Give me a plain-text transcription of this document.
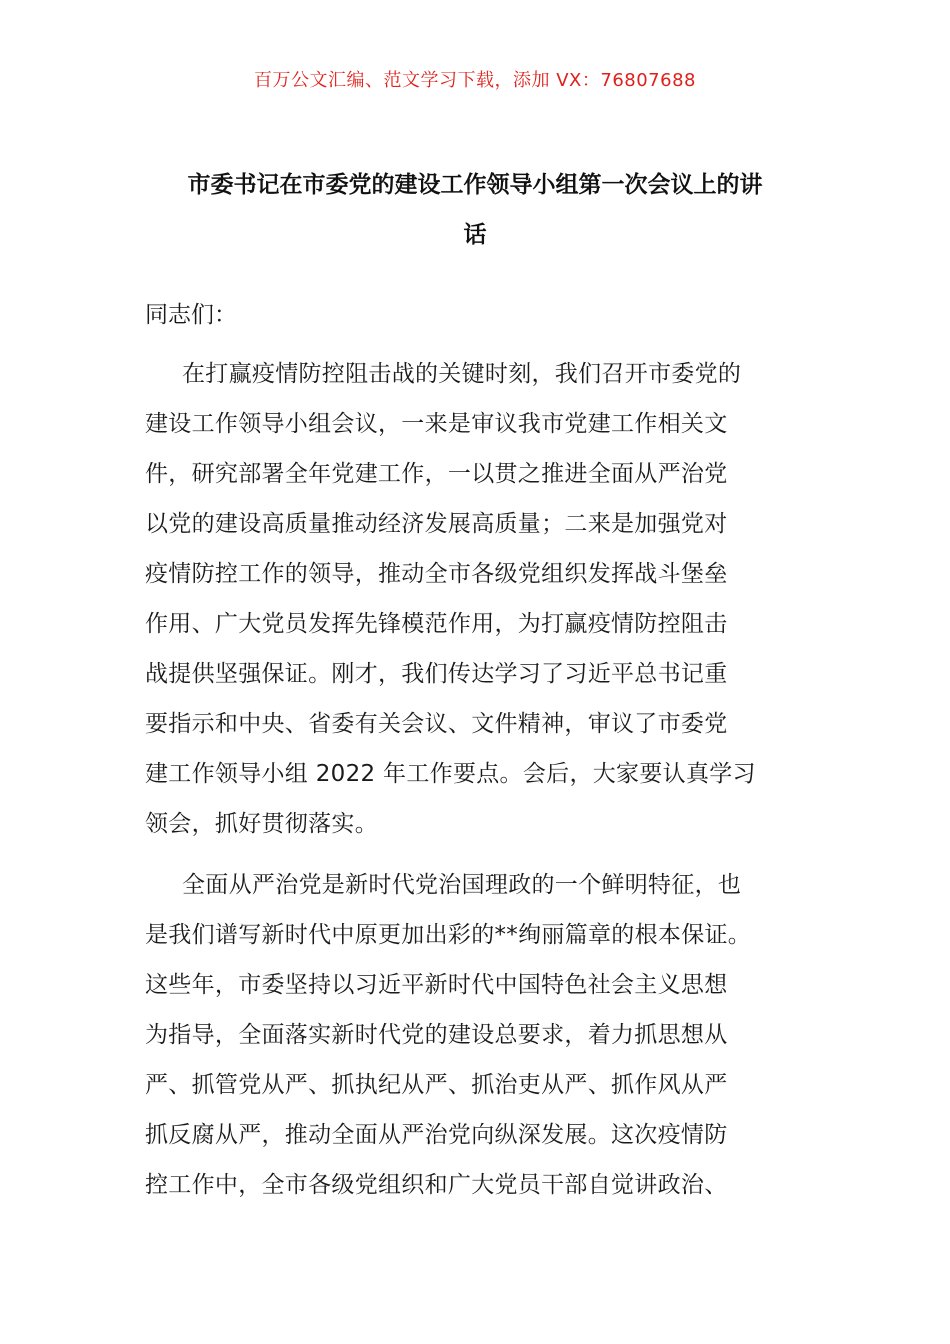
百万公文汇编、范文学习下载，添加 VX：76807688
市委书记在市委党的建设工作领导小组第一次会议上的讲
话
同志们：
在打赢疫情防控阻击战的关键时刻，我们召开市委党的
建设工作领导小组会议，一来是审议我市党建工作相关文
件，研究部署全年党建工作，一以贯之推进全面从严治党
以党的建设高质量推动经济发展高质量；二来是加强党对
疫情防控工作的领导，推动全市各级党组织发挥战斗堡垒
作用、广大党员发挥先锋模范作用，为打赢疫情防控阻击
战提供坚强保证。刚才，我们传达学习了习近平总书记重
要指示和中央、省委有关会议、文件精神，审议了市委党
建工作领导小组 2022 年工作要点。会后，大家要认真学习
领会，抓好贯彻落实。
全面从严治党是新时代党治国理政的一个鲜明特征，也
是我们谱写新时代中原更加出彩的**绚丽篇章的根本保证。
这些年，市委坚持以习近平新时代中国特色社会主义思想
为指导，全面落实新时代党的建设总要求，着力抓思想从
严、抓管党从严、抓执纪从严、抓治吏从严、抓作风从严
抓反腐从严，推动全面从严治党向纵深发展。这次疫情防
控工作中，全市各级党组织和广大党员干部自觉讲政治、
